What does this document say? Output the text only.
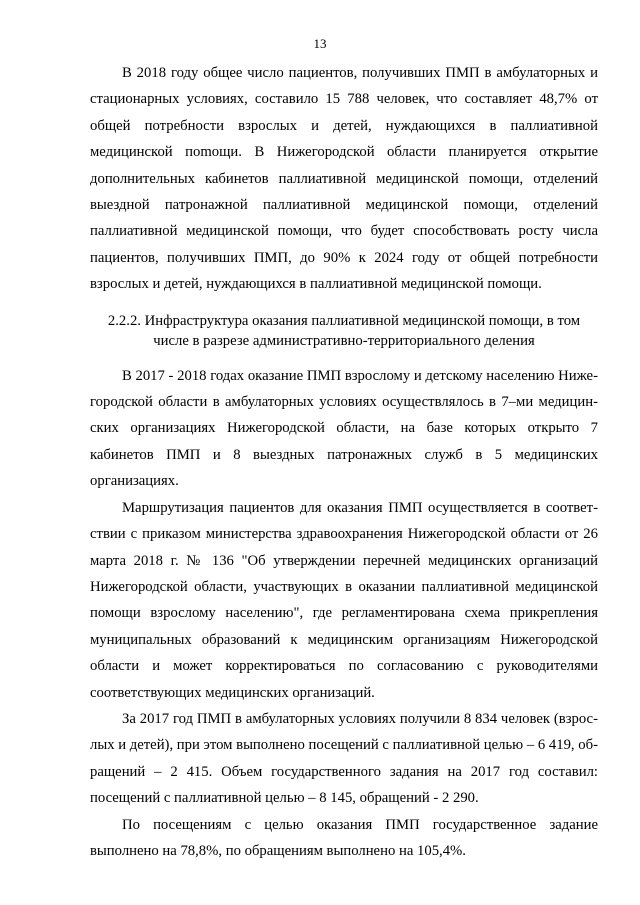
13

В 2018 году общее число пациентов, получивших ПМП в амбулаторных и стационарных условиях, составило 15 788 человек, что составляет 48,7% от общей потребности взрослых и детей, нуждающихся в паллиативной медицинской поmощи. В Нижегородской области планируется открытие дополнительных кабинетов паллиативной медицинской помощи, отделений выездной патронажной паллиативной медицинской помощи, отделений паллиативной медицинской помощи, что будет способствовать росту числа пациентов, получивших ПМП, до 90% к 2024 году от общей потребности взрослых и детей, нуждающихся в паллиативной медицинской помощи.

2.2.2. Инфраструктура оказания паллиативной медицинской помощи, в том
числе в разрезе административно-территориального деления

В 2017 - 2018 годах оказание ПМП взрослому и детскому населению Нижегородской области в амбулаторных условиях осуществлялось в 7–ми медицинских организациях Нижегородской области, на базе которых открыто 7 кабинетов ПМП и 8 выездных патронажных служб в 5 медицинских организациях.

Маршрутизация пациентов для оказания ПМП осуществляется в соответствии с приказом министерства здравоохранения Нижегородской области от 26 марта 2018 г. № 136 "Об утверждении перечней медицинских организаций Нижегородской области, участвующих в оказании паллиативной медицинской помощи взрослому населению", где регламентирована схема прикрепления муниципальных образований к медицинским организациям Нижегородской области и может корректироваться по согласованию с руководителями соответствующих медицинских организаций.

За 2017 год ПМП в амбулаторных условиях получили 8 834 человек (взрослых и детей), при этом выполнено посещений с паллиативной целью – 6 419, обращений – 2 415. Объем государственного задания на 2017 год составил: посещений с паллиативной целью – 8 145, обращений - 2 290.

По посещениям с целью оказания ПМП государственное задание выполнено на 78,8%, по обращениям выполнено на 105,4%.
